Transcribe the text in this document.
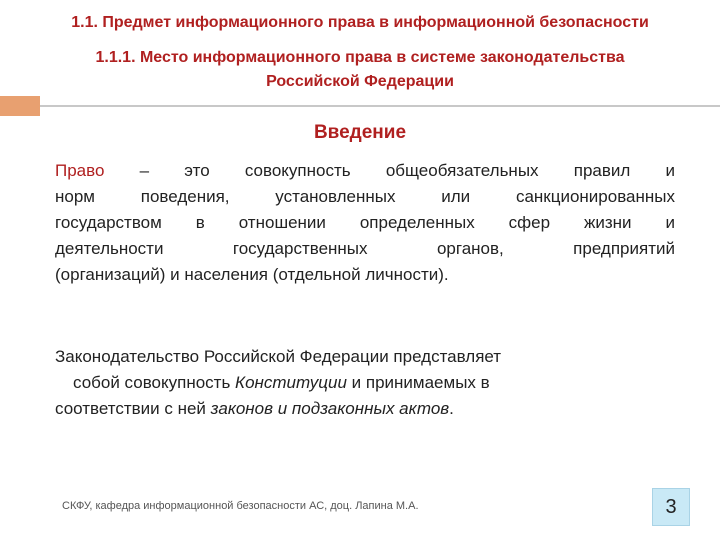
1.1. Предмет информационного права в информационной безопасности
1.1.1. Место информационного права в системе законодательства
Российской Федерации
Введение
Право – это совокупность общеобязательных правил и
норм поведения, установленных или санкционированных
государством в отношении определенных сфер жизни и
деятельности государственных органов, предприятий
(организаций) и населения (отдельной личности).
Законодательство Российской Федерации представляет
собой совокупность Конституции и принимаемых в
соответствии с ней законов и подзаконных актов.
СКФУ, кафедра информационной безопасности АС, доц. Лапина М.А.	3
